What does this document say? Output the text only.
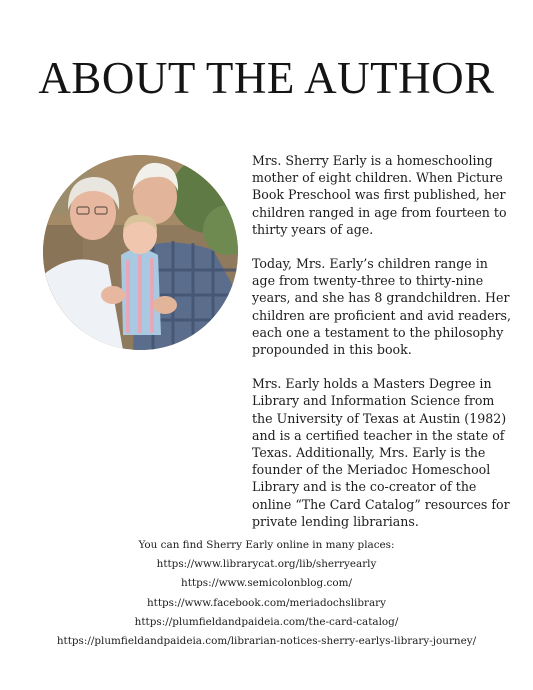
ABOUT THE AUTHOR

Mrs. Sherry Early is a homeschooling mother of eight children. When Picture Book Preschool was first published, her children ranged in age from fourteen to thirty years of age.

Today, Mrs. Early’s children range in age from twenty-three to thirty-nine years, and she has 8 grandchildren. Her children are proficient and avid readers, each one a testament to the philosophy propounded in this book.

Mrs. Early holds a Masters Degree in Library and Information Science from the University of Texas at Austin (1982) and is a certified teacher in the state of Texas. Additionally, Mrs. Early is the founder of the Meriadoc Homeschool Library and is the co-creator of the online “The Card Catalog” resources for private lending librarians.

You can find Sherry Early online in many places:
https://www.librarycat.org/lib/sherryearly
https://www.semicolonblog.com/
https://www.facebook.com/meriadochslibrary
https://plumfieldandpaideia.com/the-card-catalog/
https://plumfieldandpaideia.com/librarian-notices-sherry-earlys-library-journey/
